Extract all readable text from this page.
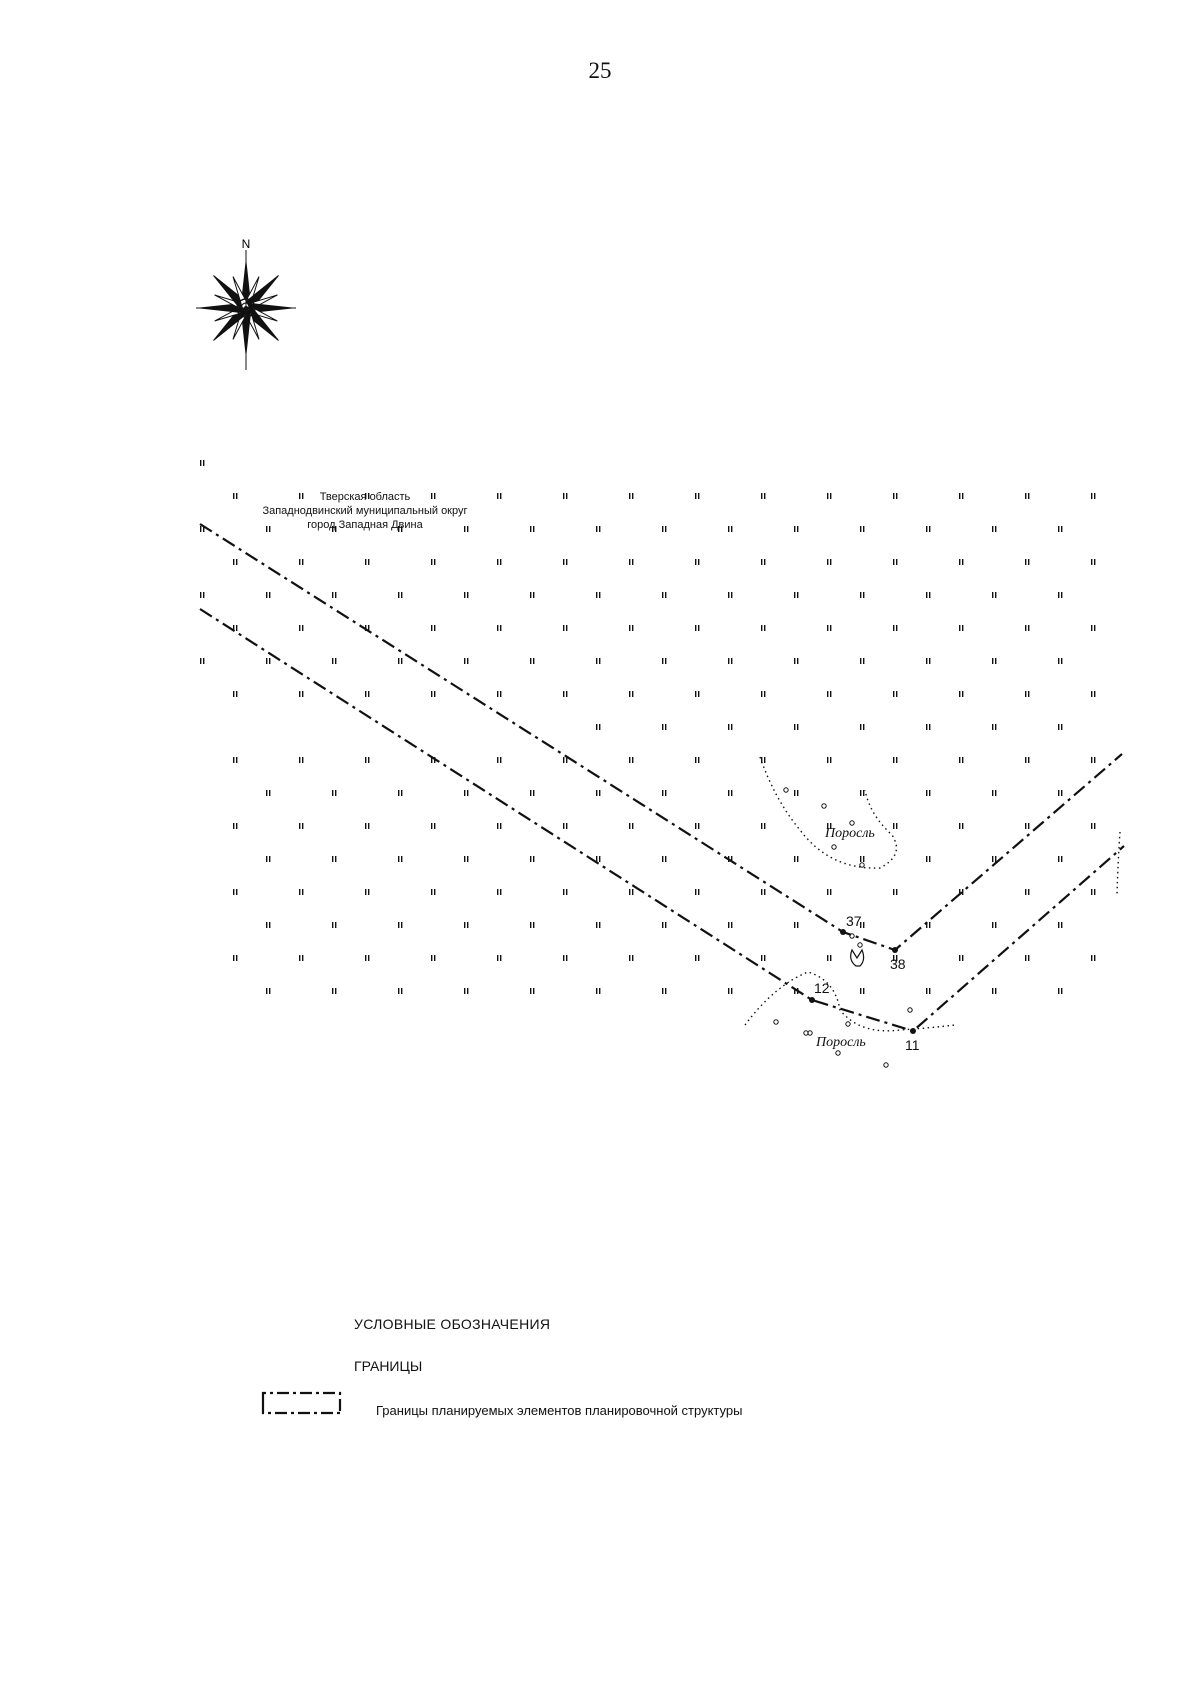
25
N
Тверская область
Западнодвинский муниципальный округ
город Западная Двина
37
38
12
11
Поросль
Поросль
УСЛОВНЫЕ ОБОЗНАЧЕНИЯ
ГРАНИЦЫ
Границы планируемых элементов планировочной структуры
